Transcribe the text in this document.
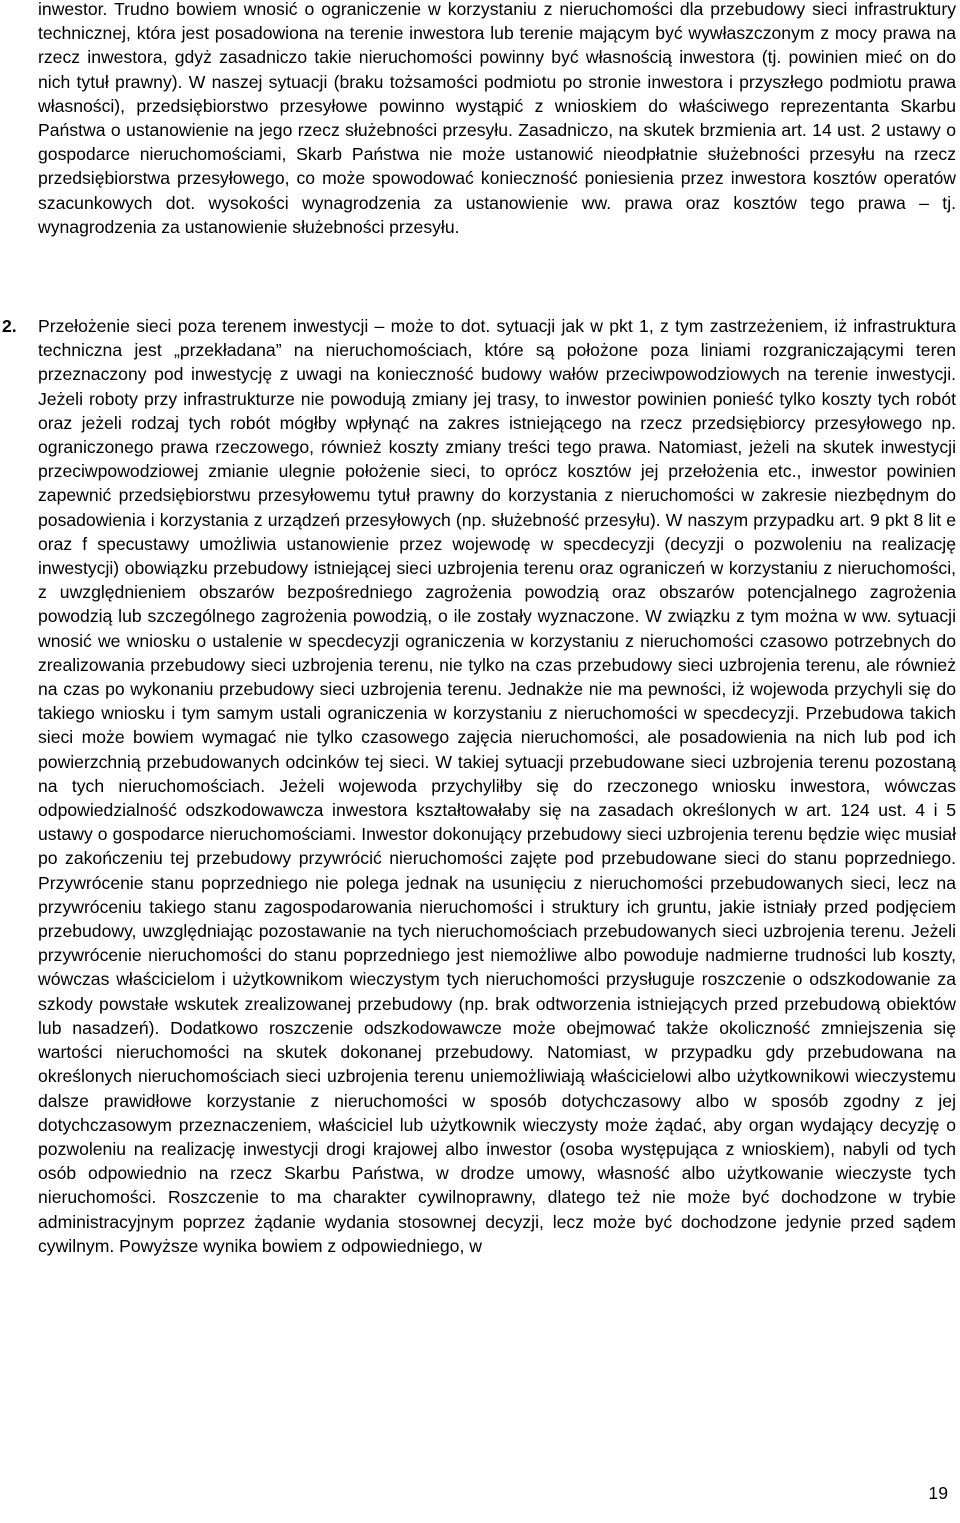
inwestor. Trudno bowiem wnosić o ograniczenie w korzystaniu z nieruchomości dla przebudowy sieci infrastruktury technicznej, która jest posadowiona na terenie inwestora lub terenie mającym być wywłaszczonym z mocy prawa na rzecz inwestora, gdyż zasadniczo takie nieruchomości powinny być własnością inwestora (tj. powinien mieć on do nich tytuł prawny). W naszej sytuacji (braku tożsamości podmiotu po stronie inwestora i przyszłego podmiotu prawa własności), przedsiębiorstwo przesyłowe powinno wystąpić z wnioskiem do właściwego reprezentanta Skarbu Państwa o ustanowienie na jego rzecz służebności przesyłu. Zasadniczo, na skutek brzmienia art. 14 ust. 2 ustawy o gospodarce nieruchomościami, Skarb Państwa nie może ustanowić nieodpłatnie służebności przesyłu na rzecz przedsiębiorstwa przesyłowego, co może spowodować konieczność poniesienia przez inwestora kosztów operatów szacunkowych dot. wysokości wynagrodzenia za ustanowienie ww. prawa oraz kosztów tego prawa – tj. wynagrodzenia za ustanowienie służebności przesyłu.
2. Przełożenie sieci poza terenem inwestycji – może to dot. sytuacji jak w pkt 1, z tym zastrzeżeniem, iż infrastruktura techniczna jest „przekładana” na nieruchomościach, które są położone poza liniami rozgraniczającymi teren przeznaczony pod inwestycję z uwagi na konieczność budowy wałów przeciwpowodziowych na terenie inwestycji. Jeżeli roboty przy infrastrukturze nie powodują zmiany jej trasy, to inwestor powinien ponieść tylko koszty tych robót oraz jeżeli rodzaj tych robót mógłby wpłynąć na zakres istniejącego na rzecz przedsiębiorcy przesyłowego np. ograniczonego prawa rzeczowego, również koszty zmiany treści tego prawa. Natomiast, jeżeli na skutek inwestycji przeciwpowodziowej zmianie ulegnie położenie sieci, to oprócz kosztów jej przełożenia etc., inwestor powinien zapewnić przedsiębiorstwu przesyłowemu tytuł prawny do korzystania z nieruchomości w zakresie niezbędnym do posadowienia i korzystania z urządzeń przesyłowych (np. służebność przesyłu). W naszym przypadku art. 9 pkt 8 lit e oraz f specustawy umożliwia ustanowienie przez wojewodę w specdecyzji (decyzji o pozwoleniu na realizację inwestycji) obowiązku przebudowy istniejącej sieci uzbrojenia terenu oraz ograniczeń w korzystaniu z nieruchomości, z uwzględnieniem obszarów bezpośredniego zagrożenia powodzią oraz obszarów potencjalnego zagrożenia powodzią lub szczególnego zagrożenia powodzią, o ile zostały wyznaczone. W związku z tym można w ww. sytuacji wnosić we wniosku o ustalenie w specdecyzji ograniczenia w korzystaniu z nieruchomości czasowo potrzebnych do zrealizowania przebudowy sieci uzbrojenia terenu, nie tylko na czas przebudowy sieci uzbrojenia terenu, ale również na czas po wykonaniu przebudowy sieci uzbrojenia terenu. Jednakże nie ma pewności, iż wojewoda przychyli się do takiego wniosku i tym samym ustali ograniczenia w korzystaniu z nieruchomości w specdecyzji. Przebudowa takich sieci może bowiem wymagać nie tylko czasowego zajęcia nieruchomości, ale posadowienia na nich lub pod ich powierzchnią przebudowanych odcinków tej sieci. W takiej sytuacji przebudowane sieci uzbrojenia terenu pozostaną na tych nieruchomościach. Jeżeli wojewoda przychyliłby się do rzeczonego wniosku inwestora, wówczas odpowiedzialność odszkodowawcza inwestora kształtowałaby się na zasadach określonych w art. 124 ust. 4 i 5 ustawy o gospodarce nieruchomościami. Inwestor dokonujący przebudowy sieci uzbrojenia terenu będzie więc musiał po zakończeniu tej przebudowy przywrócić nieruchomości zajęte pod przebudowane sieci do stanu poprzedniego. Przywrócenie stanu poprzedniego nie polega jednak na usunięciu z nieruchomości przebudowanych sieci, lecz na przywróceniu takiego stanu zagospodarowania nieruchomości i struktury ich gruntu, jakie istniały przed podjęciem przebudowy, uwzględniając pozostawanie na tych nieruchomościach przebudowanych sieci uzbrojenia terenu. Jeżeli przywrócenie nieruchomości do stanu poprzedniego jest niemożliwe albo powoduje nadmierne trudności lub koszty, wówczas właścicielom i użytkownikom wieczystym tych nieruchomości przysługuje roszczenie o odszkodowanie za szkody powstałe wskutek zrealizowanej przebudowy (np. brak odtworzenia istniejących przed przebudową obiektów lub nasadzeń). Dodatkowo roszczenie odszkodowawcze może obejmować także okoliczność zmniejszenia się wartości nieruchomości na skutek dokonanej przebudowy. Natomiast, w przypadku gdy przebudowana na określonych nieruchomościach sieci uzbrojenia terenu uniemożliwiają właścicielowi albo użytkownikowi wieczystemu dalsze prawidłowe korzystanie z nieruchomości w sposób dotychczasowy albo w sposób zgodny z jej dotychczasowym przeznaczeniem, właściciel lub użytkownik wieczysty może żądać, aby organ wydający decyzję o pozwoleniu na realizację inwestycji drogi krajowej albo inwestor (osoba występująca z wnioskiem), nabyli od tych osób odpowiednio na rzecz Skarbu Państwa, w drodze umowy, własność albo użytkowanie wieczyste tych nieruchomości. Roszczenie to ma charakter cywilnoprawny, dlatego też nie może być dochodzone w trybie administracyjnym poprzez żądanie wydania stosownej decyzji, lecz może być dochodzone jedynie przed sądem cywilnym. Powyższe wynika bowiem z odpowiedniego, w
19
